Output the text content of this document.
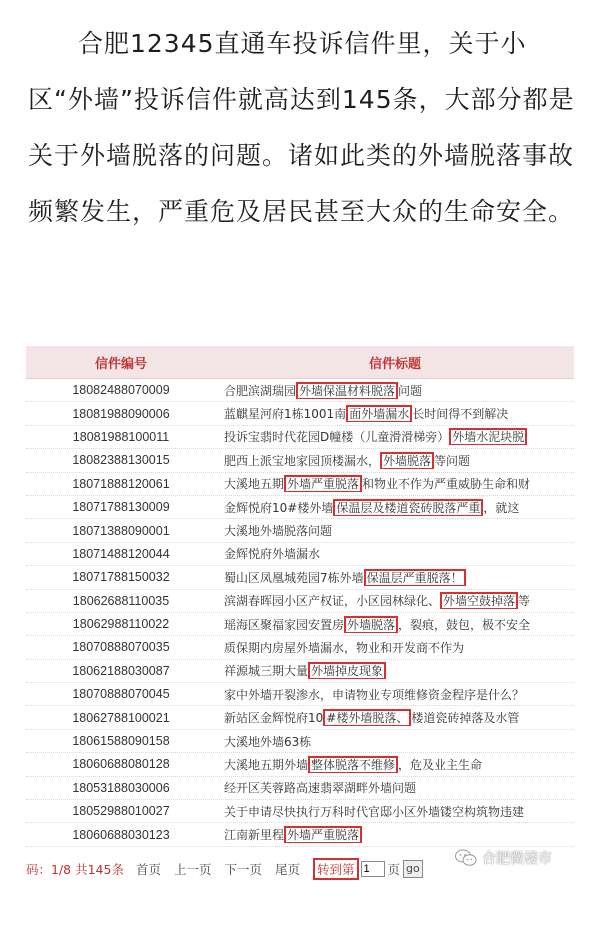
合肥12345直通车投诉信件里，关于小区“外墙”投诉信件就高达到145条，大部分都是关于外墙脱落的问题。诸如此类的外墙脱落事故频繁发生，严重危及居民甚至大众的生命安全。
信件编号	信件标题
18082488070009	合肥滨湖瑞园 外墙保温材料脱落 问题
18081988090006	蓝麒星河府1栋1001南 面外墙漏水 长时间得不到解决
18081988100011	投诉宝翡时代花园D幢楼（儿童滑滑梯旁） 外墙水泥块脱
18082388130015	肥西上派宝地家园顶楼漏水， 外墙脱落 等问题
18071888120061	大溪地五期 外墙严重脱落 和物业不作为严重威胁生命和财
18071788130009	金辉悦府10#楼外墙 保温层及楼道瓷砖脱落严重 ，就这
18071388090001	大溪地外墙脱落问题
18071488120044	金辉悦府外墙漏水
18071788150032	蜀山区凤凰城苑园7栋外墙 保温层严重脱落！
18062688110035	滨湖春晖园小区产权证，小区园林绿化、 外墙空鼓掉落 等
18062988110022	瑶海区聚福家园安置房 外墙脱落 ，裂痕，鼓包，极不安全
18070888070035	质保期内房屋外墙漏水，物业和开发商不作为
18062188030087	祥源城三期大量 外墙掉皮现象
18070888070045	家中外墙开裂渗水，申请物业专项维修资金程序是什么？
18062788100021	新站区金辉悦府10 #楼外墙脱落、 楼道瓷砖掉落及水管
18061588090158	大溪地外墙63栋
18060688080128	大溪地五期外墙 整体脱落不维修 ，危及业主生命
18053188030006	经开区芙蓉路高速翡翠湖畔外墙问题
18052988010027	关于申请尽快执行万科时代官邸小区外墙镂空构筑物违建
18060688030123	江南新里程 外墙严重脱落
码：1/8 共145条 首页 上一页 下一页 尾页	转到第
1	页 go
合肥微楼市
